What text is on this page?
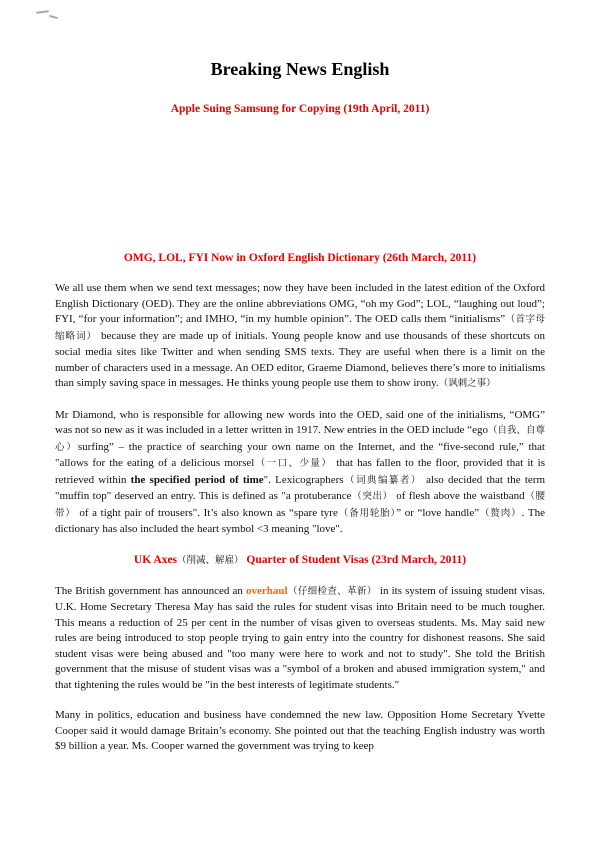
Breaking News English
Apple Suing Samsung for Copying (19th April, 2011)
OMG, LOL, FYI Now in Oxford English Dictionary (26th March, 2011)

We all use them when we send text messages; now they have been included in the latest edition of the Oxford English Dictionary (OED). They are the online abbreviations OMG, “oh my God”; LOL, “laughing out loud”; FYI, “for your information”; and IMHO, “in my humble opinion”. The OED calls them “initialisms”（首字母缩略词） because they are made up of initials. Young people know and use thousands of these shortcuts on social media sites like Twitter and when sending SMS texts. They are useful when there is a limit on the number of characters used in a message. An OED editor, Graeme Diamond, believes there’s more to initialisms than simply saving space in messages. He thinks young people use them to show irony.（讽刺之事）

Mr Diamond, who is responsible for allowing new words into the OED, said one of the initialisms, “OMG” was not so new as it was included in a letter written in 1917. New entries in the OED include “ego（自我、自尊心）surfing” – the practice of searching your own name on the Internet, and the “five-second rule,” that "allows for the eating of a delicious morsel（一口、少量） that has fallen to the floor, provided that it is retrieved within the specified period of time". Lexicographers（词典编纂者） also decided that the term "muffin top" deserved an entry. This is defined as "a protuberance（突出） of flesh above the waistband（腰带） of a tight pair of trousers". It’s also known as “spare tyre（备用轮胎）” or “love handle”（赘肉）. The dictionary has also included the heart symbol <3 meaning "love".

UK Axes（削减、解雇） Quarter of Student Visas (23rd March, 2011)

The British government has announced an overhaul（仔细检查、革新） in its system of issuing student visas. U.K. Home Secretary Theresa May has said the rules for student visas into Britain need to be much tougher. This means a reduction of 25 per cent in the number of visas given to overseas students. Ms. May said new rules are being introduced to stop people trying to gain entry into the country for dishonest reasons. She said student visas were being abused and "too many were here to work and not to study". She told the British government that the misuse of student visas was a "symbol of a broken and abused immigration system," and that tightening the rules would be "in the best interests of legitimate students."

Many in politics, education and business have condemned the new law. Opposition Home Secretary Yvette Cooper said it would damage Britain’s economy. She pointed out that the teaching English industry was worth $9 billion a year. Ms. Cooper warned the government was trying to keep
